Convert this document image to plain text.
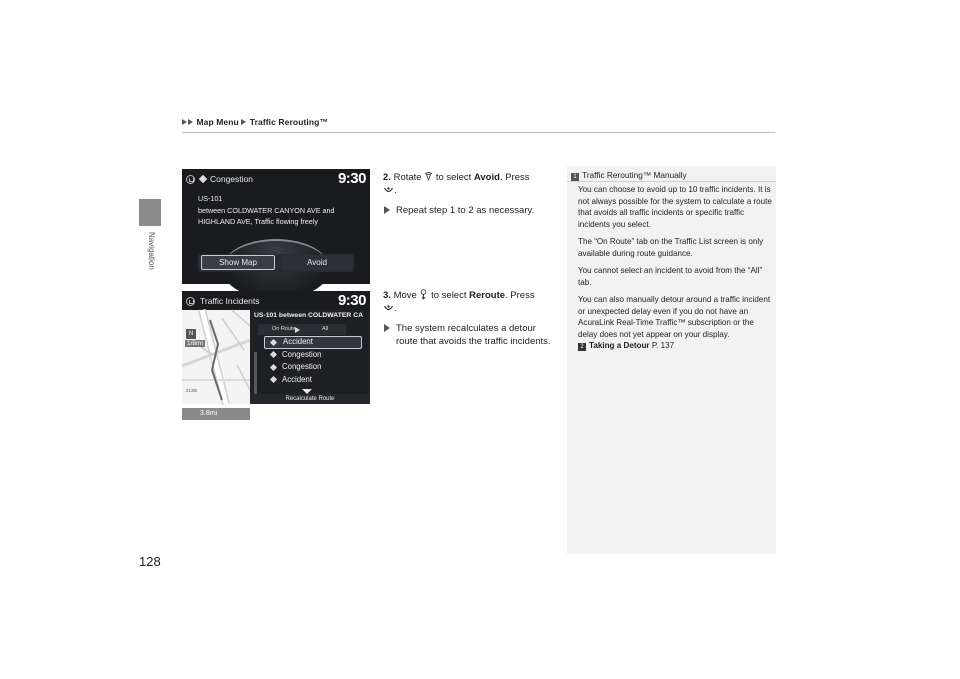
Map Menu Traffic Rerouting™
Navigation
128
Congestion	9:30
US-101
between COLDWATER CANYON AVE and
HIGHLAND AVE, Traffic flowing freely
Show Map	Avoid
Traffic Incidents	9:30
N
1/8mi
213th
3.8mi
US-101 between COLDWATER CA
On Route	All
Accident
Congestion
Congestion
Accident
Recalculate Route
2. Rotate to select Avoid. Press
.
Repeat step 1 to 2 as necessary.
3. Move to select Reroute. Press
.
The system recalculates a detour route that avoids the traffic incidents.
1 Traffic Rerouting™ Manually

You can choose to avoid up to 10 traffic incidents. It is not always possible for the system to calculate a route that avoids all traffic incidents or specific traffic incidents you select.

The “On Route” tab on the Traffic List screen is only available during route guidance.

You cannot select an incident to avoid from the “All” tab.

You can also manually detour around a traffic incident or unexpected delay even if you do not have an AcuraLink Real-Time Traffic™ subscription or the delay does not yet appear on your display.

2 Taking a Detour P. 137
